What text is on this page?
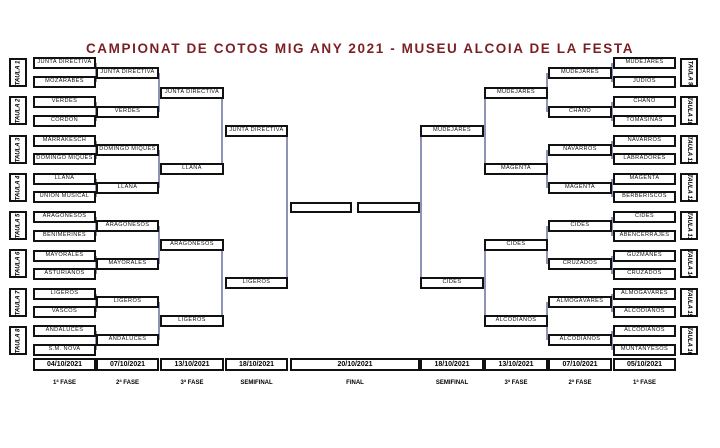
CAMPIONAT DE COTOS MIG ANY 2021 - MUSEU ALCOIA DE LA FESTA
JUNTA DIRECTIVA
MOZÀRABES
VERDES
CORDÓN
MARRAKESCH
DOMINGO MIQUES
LLANA
UNIÓN MUSICAL
ARAGONESOS
BENIMERINES
MAYORALES
ASTURIANOS
LIGEROS
VASCOS
ANDALUCES
S.M. NOVA
JUNTA DIRECTIVA
VERDES
DOMINGO MIQUES
LLANA
ARAGONESOS
MAYORALES
LIGEROS
ANDALUCES
JUNTA DIRECTIVA
LLANA
ARAGONESOS
LIGEROS
JUNTA DIRECTIVA
LIGEROS
MUDÉJARES
JUDÍOS
CHANO
TOMASINAS
NAVARROS
LABRADORES
MAGENTA
BERBERISCOS
CIDES
ABENCERRAJES
GUZMANES
CRUZADOS
ALMOGÀVARES
ALCODIANOS
ALCODIANOS
MUNTANYESOS
MUDÉJARES
CHANO
NAVARROS
MAGENTA
CIDES
CRUZADOS
ALMOGÀVARES
ALCODIANOS
MUDÉJARES
MAGENTA
CIDES
ALCODIANOS
MUDÉJARES
CIDES
TAULA 1	TAULA 9
TAULA 2	TAULA 10
TAULA 3	TAULA 11
TAULA 4	TAULA 12
TAULA 5	TAULA 13
TAULA 6	TAULA 14
TAULA 7	TAULA 15
TAULA 8	TAULA 16
04/10/2021
1ª FASE
07/10/2021
2ª FASE
13/10/2021
3ª FASE
18/10/2021
SEMIFINAL
20/10/2021
FINAL
18/10/2021
SEMIFINAL
13/10/2021
3ª FASE
07/10/2021
2ª FASE
05/10/2021
1ª FASE
